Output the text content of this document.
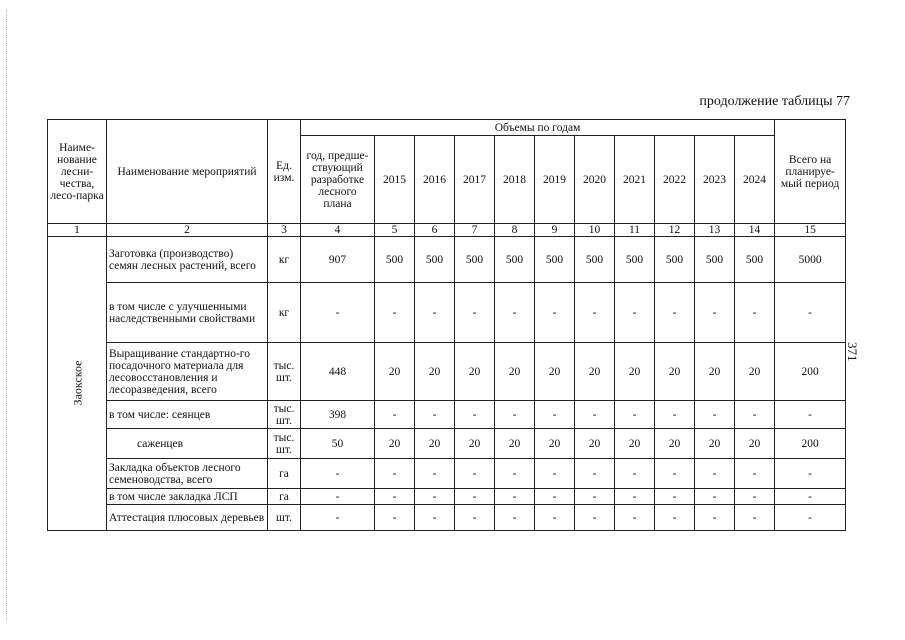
продолжение таблицы 77
371
Наиме-нование лесни-чества, лесо-парка	Наименование мероприятий	Ед. изм.	Объемы по годам											Всего на планируе-мый период
			год, предше-ствующий разработке лесного плана	2015	2016	2017	2018	2019	2020	2021	2022	2023	2024	
1	2	3	4	5	6	7	8	9	10	11	12	13	14	15
Заокское	Заготовка (производство) семян лесных растений, всего	кг	907	500	500	500	500	500	500	500	500	500	500	5000
	в том числе с улучшенными наследственными свойствами	кг	-	-	-	-	-	-	-	-	-	-	-	-
	Выращивание стандартно-го посадочного материала для лесовосстановления и лесоразведения, всего	тыс. шт.	448	20	20	20	20	20	20	20	20	20	20	200
	в том числе: сеянцев	тыс. шт.	398	-	-	-	-	-	-	-	-	-	-	-
	саженцев	тыс. шт.	50	20	20	20	20	20	20	20	20	20	20	200
	Закладка объектов лесного семеноводства, всего	га	-	-	-	-	-	-	-	-	-	-	-	-
	в том числе закладка ЛСП	га	-	-	-	-	-	-	-	-	-	-	-	-
	Аттестация плюсовых деревьев	шт.	-	-	-	-	-	-	-	-	-	-	-	-
